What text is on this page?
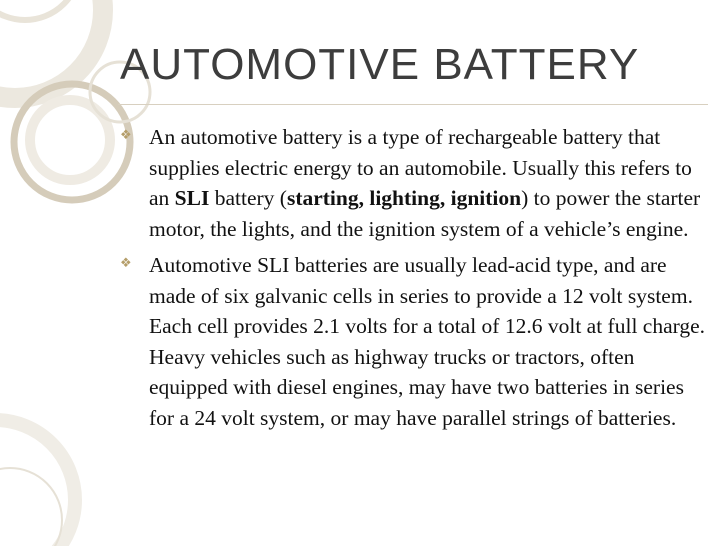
AUTOMOTIVE BATTERY
❖ An automotive battery is a type of rechargeable battery that supplies electric energy to an automobile. Usually this refers to an SLI battery (starting, lighting, ignition) to power the starter motor, the lights, and the ignition system of a vehicle’s engine.
❖ Automotive SLI batteries are usually lead-acid type, and are made of six galvanic cells in series to provide a 12 volt system. Each cell provides 2.1 volts for a total of 12.6 volt at full charge. Heavy vehicles such as highway trucks or tractors, often equipped with diesel engines, may have two batteries in series for a 24 volt system, or may have parallel strings of batteries.
